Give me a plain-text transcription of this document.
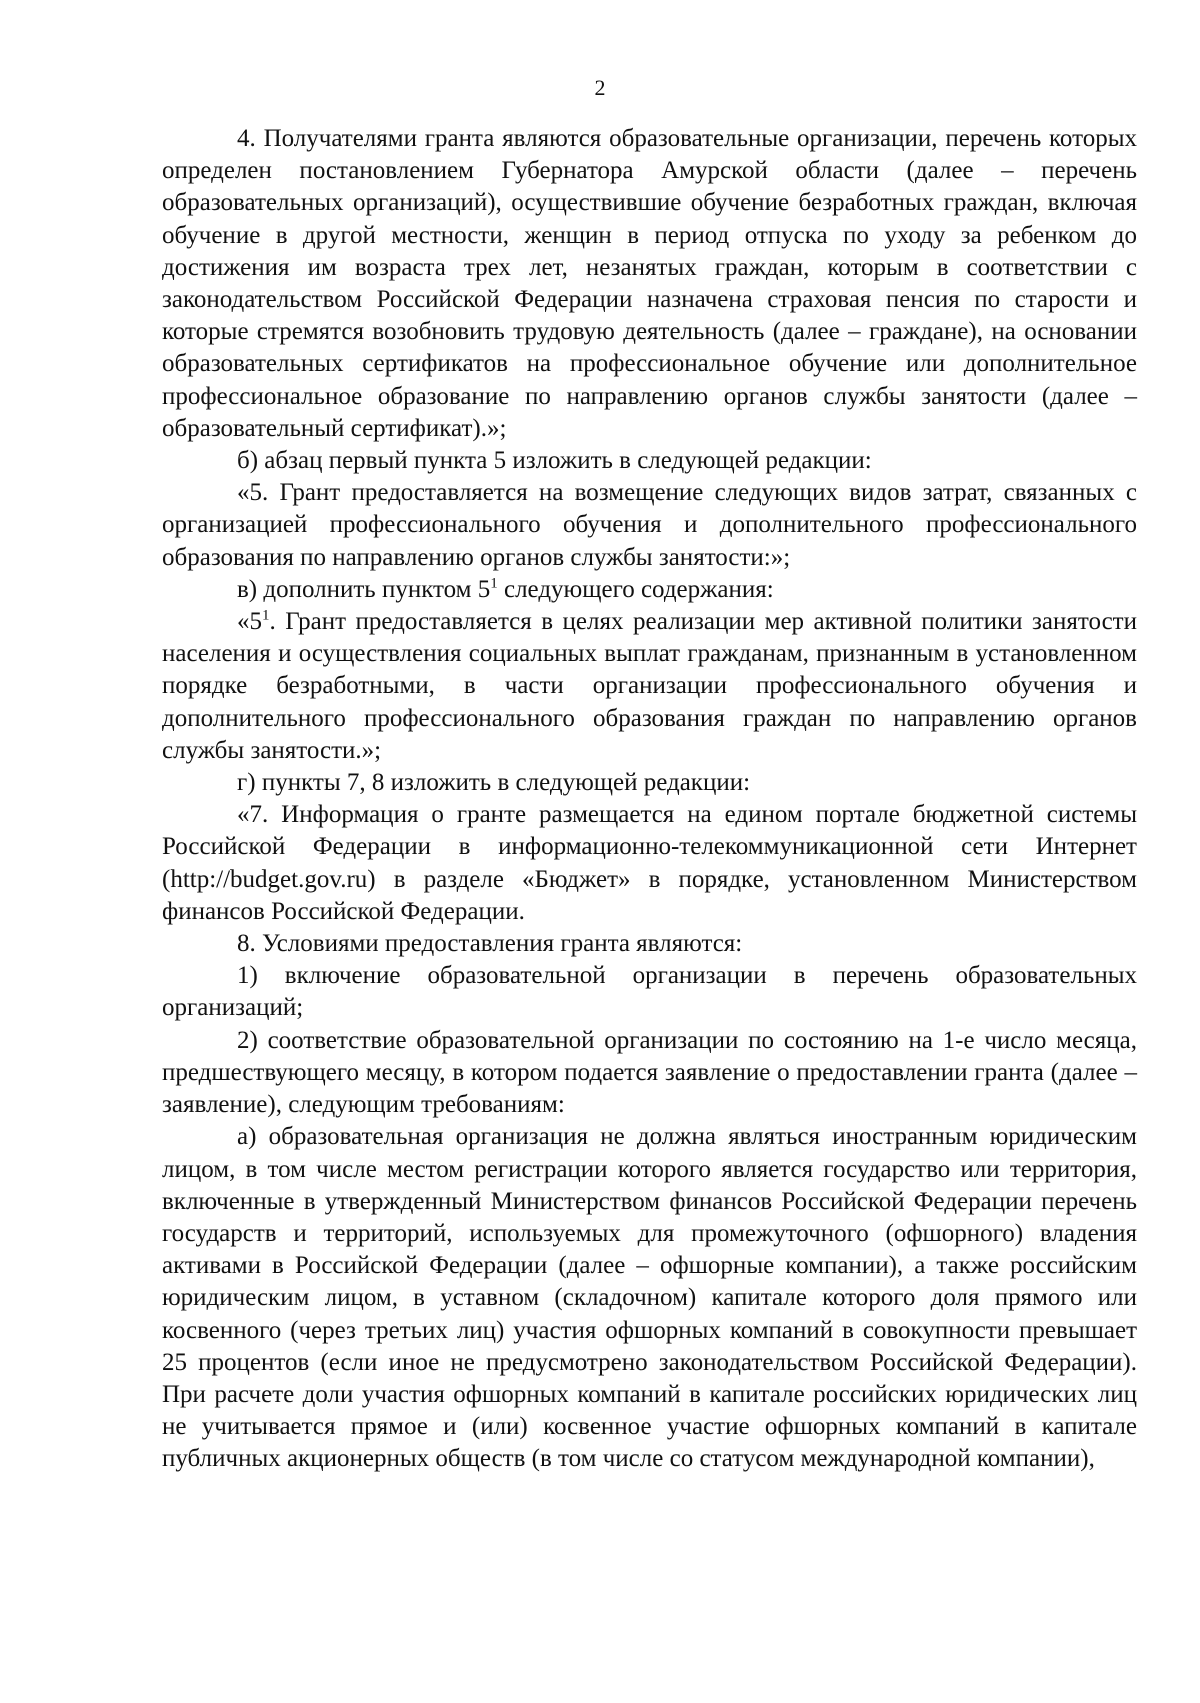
2

4. Получателями гранта являются образовательные организации, перечень которых определен постановлением Губернатора Амурской области (далее – перечень образовательных организаций), осуществившие обучение безработных граждан, включая обучение в другой местности, женщин в период отпуска по уходу за ребенком до достижения им возраста трех лет, незанятых граждан, которым в соответствии с законодательством Российской Федерации назначена страховая пенсия по старости и которые стремятся возобновить трудовую деятельность (далее – граждане), на основании образовательных сертификатов на профессиональное обучение или дополнительное профессиональное образование по направлению органов службы занятости (далее – образовательный сертификат).»;

б) абзац первый пункта 5 изложить в следующей редакции:

«5. Грант предоставляется на возмещение следующих видов затрат, связанных с организацией профессионального обучения и дополнительного профессионального образования по направлению органов службы занятости:»;

в) дополнить пунктом $5^1$ следующего содержания:

«$5^1$. Грант предоставляется в целях реализации мер активной политики занятости населения и осуществления социальных выплат гражданам, признанным в установленном порядке безработными, в части организации профессионального обучения и дополнительного профессионального образования граждан по направлению органов службы занятости.»;

г) пункты 7, 8 изложить в следующей редакции:

«7. Информация о гранте размещается на едином портале бюджетной системы Российской Федерации в информационно-телекоммуникационной сети Интернет (http://budget.gov.ru) в разделе «Бюджет» в порядке, установленном Министерством финансов Российской Федерации.

8. Условиями предоставления гранта являются:

1) включение образовательной организации в перечень образовательных организаций;

2) соответствие образовательной организации по состоянию на 1-е число месяца, предшествующего месяцу, в котором подается заявление о предоставлении гранта (далее – заявление), следующим требованиям:

а) образовательная организация не должна являться иностранным юридическим лицом, в том числе местом регистрации которого является государство или территория, включенные в утвержденный Министерством финансов Российской Федерации перечень государств и территорий, используемых для промежуточного (офшорного) владения активами в Российской Федерации (далее – офшорные компании), а также российским юридическим лицом, в уставном (складочном) капитале которого доля прямого или косвенного (через третьих лиц) участия офшорных компаний в совокупности превышает 25 процентов (если иное не предусмотрено законодательством Российской Федерации). При расчете доли участия офшорных компаний в капитале российских юридических лиц не учитывается прямое и (или) косвенное участие офшорных компаний в капитале публичных акционерных обществ (в том числе со статусом международной компании),
